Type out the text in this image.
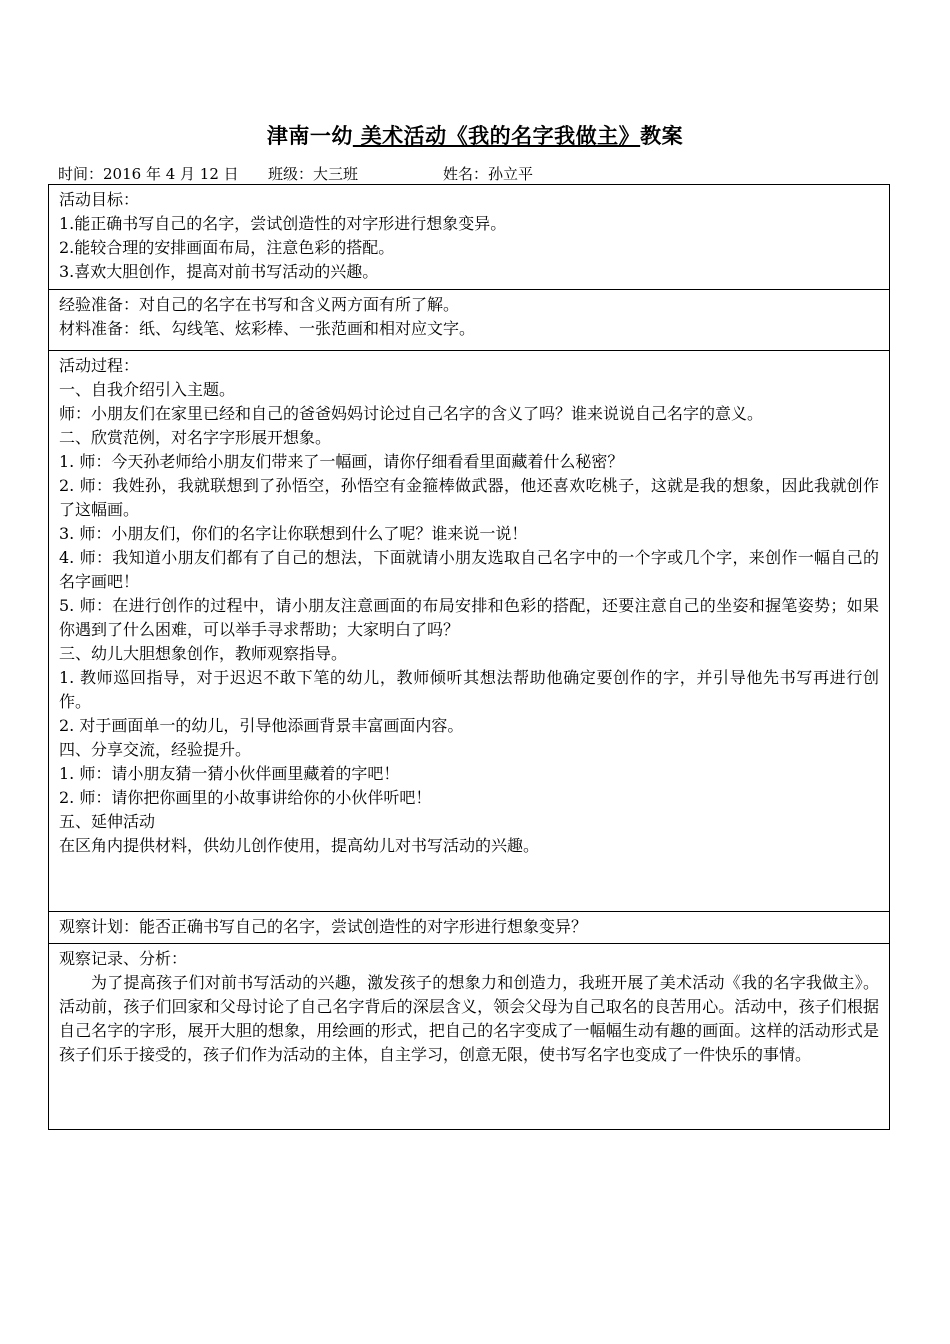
津南一幼 美术活动《我的名字我做主》教案
时间：2016 年 4 月 12 日 班级：大三班	姓名：孙立平

活动目标：

1.能正确书写自己的名字，尝试创造性的对字形进行想象变异。

2.能较合理的安排画面布局，注意色彩的搭配。

3.喜欢大胆创作，提高对前书写活动的兴趣。

经验准备：对自己的名字在书写和含义两方面有所了解。

材料准备：纸、勾线笔、炫彩棒、一张范画和相对应文字。

活动过程：

一、自我介绍引入主题。

师：小朋友们在家里已经和自己的爸爸妈妈讨论过自己名字的含义了吗？谁来说说自己名字的意义。

二、欣赏范例，对名字字形展开想象。

1. 师：今天孙老师给小朋友们带来了一幅画，请你仔细看看里面藏着什么秘密？

2. 师：我姓孙，我就联想到了孙悟空，孙悟空有金箍棒做武器，他还喜欢吃桃子，这就是我的想象，因此我就创作了这幅画。

3. 师：小朋友们，你们的名字让你联想到什么了呢？谁来说一说！

4. 师：我知道小朋友们都有了自己的想法，下面就请小朋友选取自己名字中的一个字或几个字，来创作一幅自己的名字画吧！

5. 师：在进行创作的过程中，请小朋友注意画面的布局安排和色彩的搭配，还要注意自己的坐姿和握笔姿势；如果你遇到了什么困难，可以举手寻求帮助；大家明白了吗？

三、幼儿大胆想象创作，教师观察指导。

1. 教师巡回指导，对于迟迟不敢下笔的幼儿，教师倾听其想法帮助他确定要创作的字，并引导他先书写再进行创作。

2. 对于画面单一的幼儿，引导他添画背景丰富画面内容。

四、分享交流，经验提升。

1. 师：请小朋友猜一猜小伙伴画里藏着的字吧！

2. 师：请你把你画里的小故事讲给你的小伙伴听吧！

五、延伸活动

在区角内提供材料，供幼儿创作使用，提高幼儿对书写活动的兴趣。

观察计划：能否正确书写自己的名字，尝试创造性的对字形进行想象变异？

观察记录、分析：

为了提高孩子们对前书写活动的兴趣，激发孩子的想象力和创造力，我班开展了美术活动《我的名字我做主》。活动前，孩子们回家和父母讨论了自己名字背后的深层含义，领会父母为自己取名的良苦用心。活动中，孩子们根据自己名字的字形，展开大胆的想象，用绘画的形式，把自己的名字变成了一幅幅生动有趣的画面。这样的活动形式是孩子们乐于接受的，孩子们作为活动的主体，自主学习，创意无限，使书写名字也变成了一件快乐的事情。
